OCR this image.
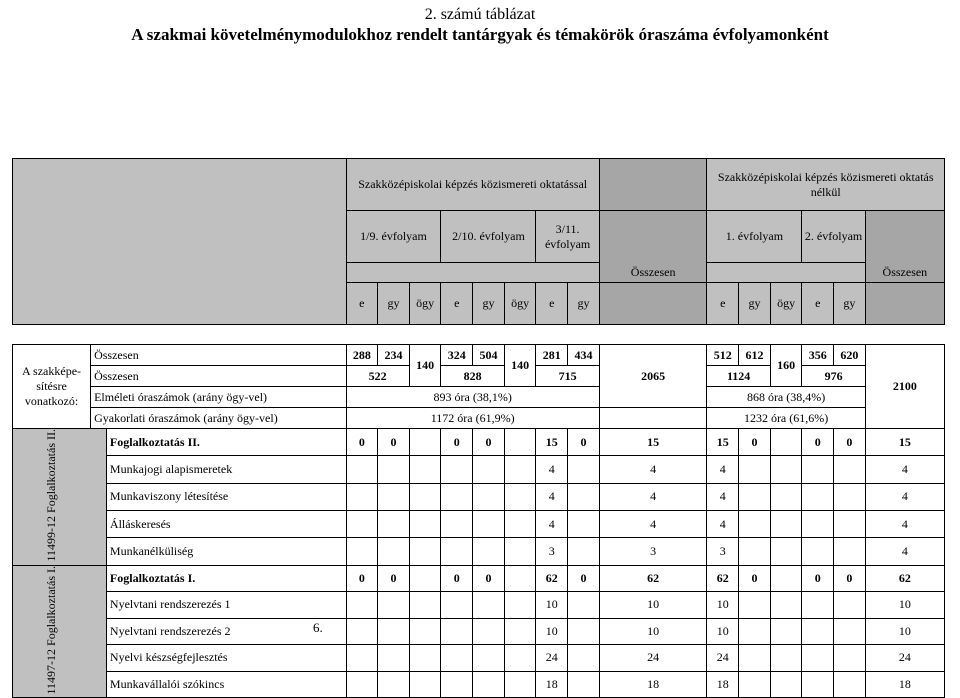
2. számú táblázat
A szakmai követelménymodulokhoz rendelt tantárgyak és témakörök óraszáma évfolyamonként
			Szakközépiskolai képzés közismereti oktatással									Szakközépiskolai képzés közismereti oktatás nélkül					
			1/9. évfolyam			2/10. évfolyam			3/11. évfolyam		Összesen	1. évfolyam			2. évfolyam		Összesen

			e	gy	ögy	e	gy	ögy	e	gy		e	gy	ögy	e	gy	

A szakképe-sítésre vonatkozó:	Összesen		288	234	140	324	504	140	281	434	2065	512	612	160	356	620	2100
	Összesen		522			828			715			1124			976		
	Elméleti óraszámok (arány ögy-vel)		893 óra (38,1%)									868 óra (38,4%)					
	Gyakorlati óraszámok (arány ögy-vel)		1172 óra (61,9%)									1232 óra (61,6%)					
11499-12 Foglalkoztatás II.		Foglalkoztatás II.	0	0		0	0		15	0	15	15	0		0	0	15
		Munkajogi alapismeretek							4		4	4					4
		Munkaviszony létesítése							4		4	4					4
		Álláskeresés							4		4	4					4
		Munkanélküliség							3		3	3					4
11497-12 Foglalkoztatás I.		Foglalkoztatás I.	0	0		0	0		62	0	62	62	0		0	0	62
		Nyelvtani rendszerezés 1							10		10	10					10
		Nyelvtani rendszerezés 2							10		10	10					10
		Nyelvi készségfejlesztés							24		24	24					24
		Munkavállalói szókincs							18		18	18					18
6.
